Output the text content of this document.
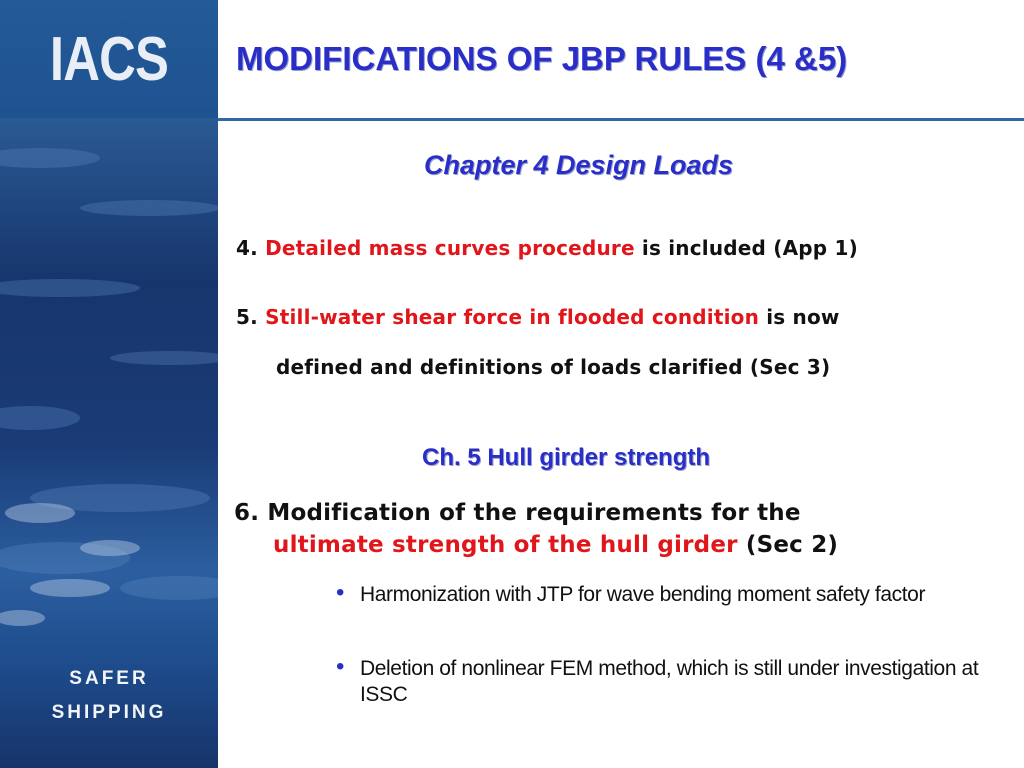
IACS
SAFER
SHIPPING
MODIFICATIONS OF JBP RULES (4 &5)
Chapter 4 Design Loads
4. Detailed mass curves procedure is included (App 1)
5. Still-water shear force in flooded condition is now
defined and definitions of loads clarified (Sec 3)
Ch. 5 Hull girder strength
6. Modification of the requirements for the
ultimate strength of the hull girder (Sec 2)
• Harmonization with JTP for wave bending moment safety factor
• Deletion of nonlinear FEM method, which is still under investigation at ISSC
